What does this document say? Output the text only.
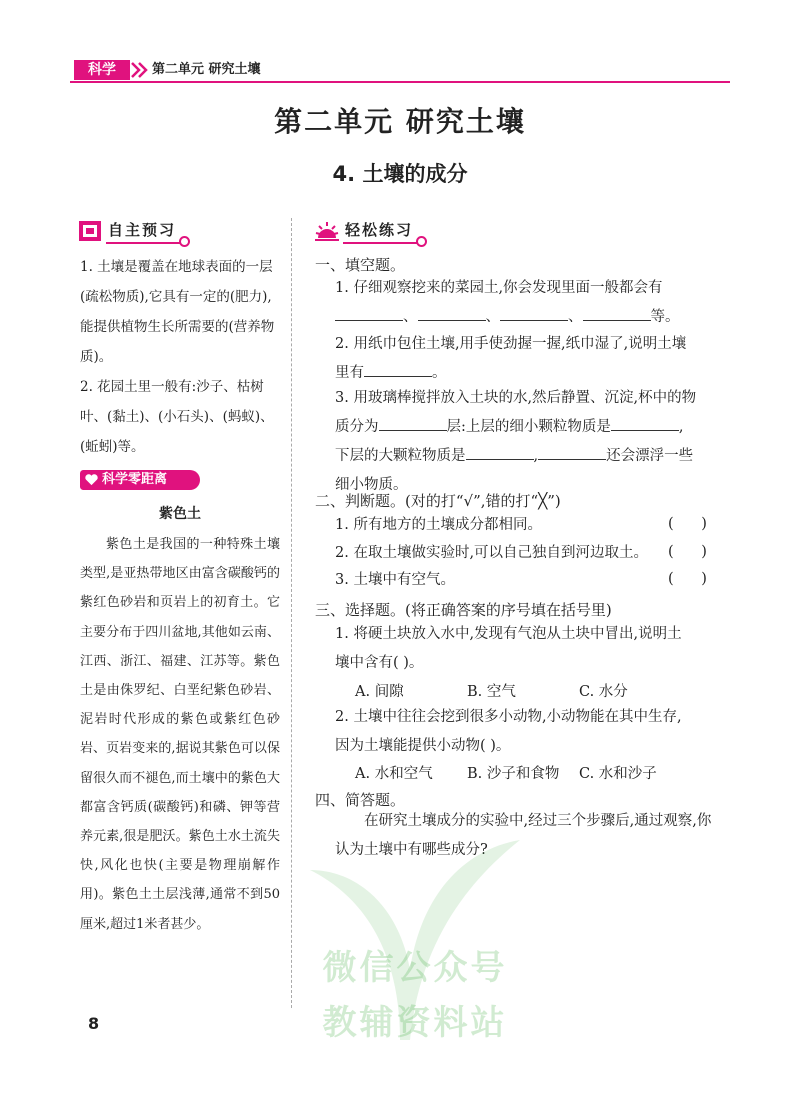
科学	第二单元 研究土壤
第二单元 研究土壤
4. 土壤的成分
自主预习

1. 土壤是覆盖在地球表面的一层(疏松物质),它具有一定的(肥力),能提供植物生长所需要的(营养物质)。

2. 花园土里一般有:沙子、枯树叶、(黏土)、(小石头)、(蚂蚁)、(蚯蚓)等。

科学零距离
紫色土

紫色土是我国的一种特殊土壤类型,是亚热带地区由富含碳酸钙的紫红色砂岩和页岩上的初育土。它主要分布于四川盆地,其他如云南、江西、浙江、福建、江苏等。紫色土是由侏罗纪、白垩纪紫色砂岩、泥岩时代形成的紫色或紫红色砂岩、页岩变来的,据说其紫色可以保留很久而不褪色,而土壤中的紫色大都富含钙质(碳酸钙)和磷、钾等营养元素,很是肥沃。紫色土水土流失快,风化也快(主要是物理崩解作用)。紫色土土层浅薄,通常不到50厘米,超过1米者甚少。

轻松练习
一、填空题。

1. 仔细观察挖来的菜园土,你会发现里面一般都会有
、	、	、	等。

2. 用纸巾包住土壤,用手使劲握一握,纸巾湿了,说明土壤
里有	。

3. 用玻璃棒搅拌放入土块的水,然后静置、沉淀,杯中的物
质分为	层:上层的细小颗粒物质是	,
下层的大颗粒物质是	,	还会漂浮一些
细小物质。

二、判断题。(对的打“√”,错的打“╳”)

1. 所有地方的土壤成分都相同。	(      )

2. 在取土壤做实验时,可以自己独自到河边取土。	(      )

3. 土壤中有空气。	(      )
三、选择题。(将正确答案的序号填在括号里)

1. 将硬土块放入水中,发现有气泡从土块中冒出,说明土
壤中含有( )。

A. 间隙	B. 空气	C. 水分

2. 土壤中往往会挖到很多小动物,小动物能在其中生存,
因为土壤能提供小动物( )。

A. 水和空气	B. 沙子和食物	C. 水和沙子
四、简答题。

在研究土壤成分的实验中,经过三个步骤后,通过观察,你认为土壤中有哪些成分?

微信公众号
教辅资料站
8
